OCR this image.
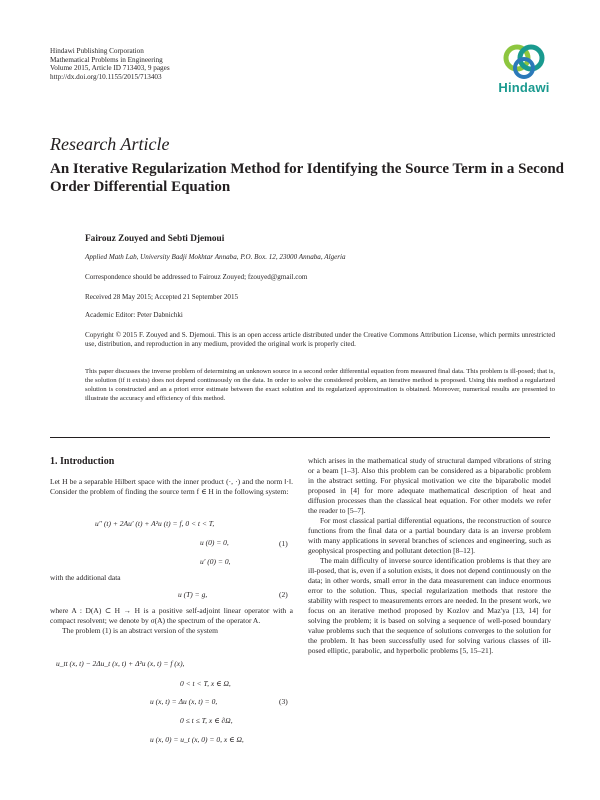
Hindawi Publishing Corporation
Mathematical Problems in Engineering
Volume 2015, Article ID 713403, 9 pages
http://dx.doi.org/10.1155/2015/713403
Hindawi
Research Article
An Iterative Regularization Method for Identifying the Source Term in a Second Order Differential Equation
Fairouz Zouyed and Sebti Djemoui
Applied Math Lab, University Badji Mokhtar Annaba, P.O. Box. 12, 23000 Annaba, Algeria
Correspondence should be addressed to Fairouz Zouyed; fzouyed@gmail.com
Received 28 May 2015; Accepted 21 September 2015
Academic Editor: Peter Dabnichki
Copyright © 2015 F. Zouyed and S. Djemoui. This is an open access article distributed under the Creative Commons Attribution License, which permits unrestricted use, distribution, and reproduction in any medium, provided the original work is properly cited.
This paper discusses the inverse problem of determining an unknown source in a second order differential equation from measured final data. This problem is ill-posed; that is, the solution (if it exists) does not depend continuously on the data. In order to solve the considered problem, an iterative method is proposed. Using this method a regularized solution is constructed and an a priori error estimate between the exact solution and its regularized approximation is obtained. Moreover, numerical results are presented to illustrate the accuracy and efficiency of this method.
1. Introduction

Let H be a separable Hilbert space with the inner product (·, ·) and the norm ‖·‖. Consider the problem of finding the source term f ∈ H in the following system:

u′′ (t) + 2Au′ (t) + A²u (t) = f, 0 < t < T,
u (0) = 0,
u′ (0) = 0,
(1)

with the additional data

u (T) = g,	(2)

where A : D(A) ⊂ H → H is a positive self-adjoint linear operator with a compact resolvent; we denote by σ(A) the spectrum of the operator A.

The problem (1) is an abstract version of the system

u_tt (x, t) − 2Δu_t (x, t) + Δ²u (x, t) = f (x),
0 < t < T, x ∈ Ω,
u (x, t) = Δu (x, t) = 0,
0 ≤ t ≤ T, x ∈ ∂Ω,
u (x, 0) = u_t (x, 0) = 0, x ∈ Ω,
(3)

which arises in the mathematical study of structural damped vibrations of string or a beam [1–3]. Also this problem can be considered as a biparabolic problem in the abstract setting. For physical motivation we cite the biparabolic model proposed in [4] for more adequate mathematical description of heat and diffusion processes than the classical heat equation. For other models we refer the reader to [5–7].

For most classical partial differential equations, the reconstruction of source functions from the final data or a partial boundary data is an inverse problem with many applications in several branches of sciences and engineering, such as geophysical prospecting and pollutant detection [8–12].

The main difficulty of inverse source identification problems is that they are ill-posed, that is, even if a solution exists, it does not depend continuously on the data; in other words, small error in the data measurement can induce enormous error to the solution. Thus, special regularization methods that restore the stability with respect to measurements errors are needed. In the present work, we focus on an iterative method proposed by Kozlov and Maz'ya [13, 14] for solving the problem; it is based on solving a sequence of well-posed boundary value problems such that the sequence of solutions converges to the solution for the problem. It has been successfully used for solving various classes of ill-posed elliptic, parabolic, and hyperbolic problems [5, 15–21].
